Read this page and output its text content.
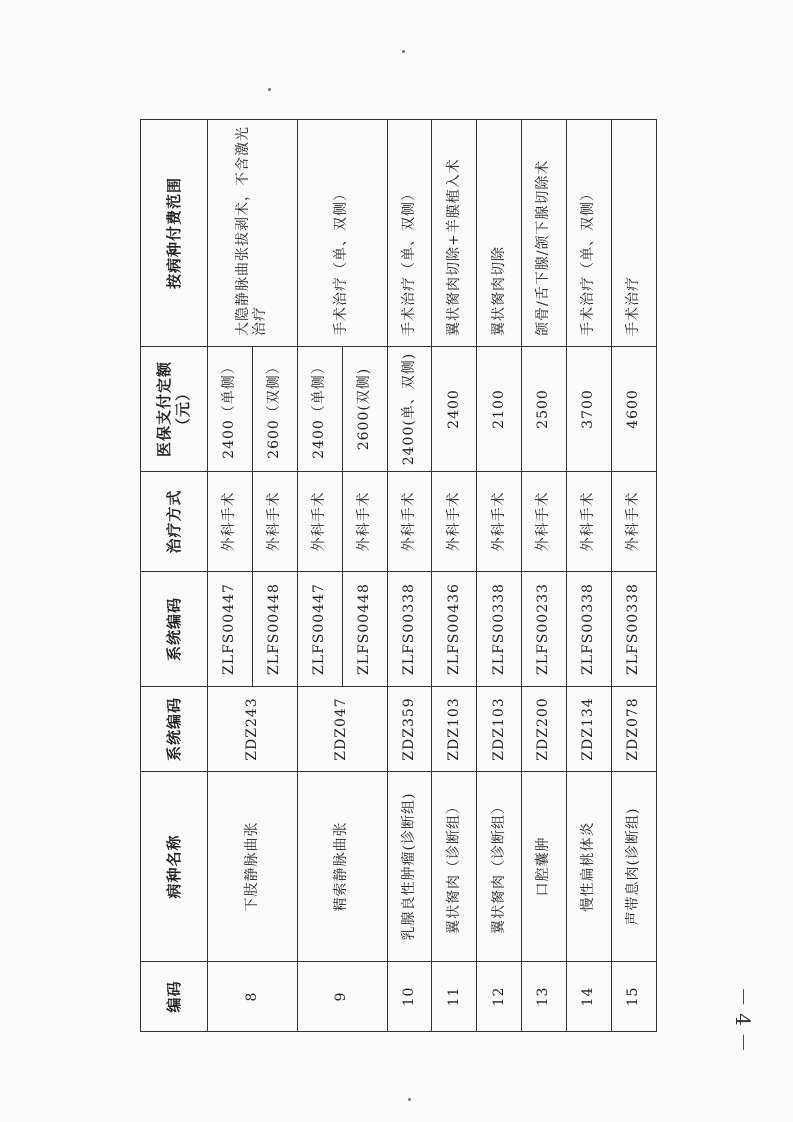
编码	病种名称	系统编码	系统编码	治疗方式	医保支付定额（元）	按病种付费范围
8	下肢静脉曲张	ZDZ243	ZLFS00447	外科手术	2400（单侧）	大隐静脉曲张拔剥术，不含激光治疗
			ZLFS00448	外科手术	2600（双侧）	
9	精索静脉曲张	ZDZ047	ZLFS00447	外科手术	2400（单侧）	手术治疗（单、双侧）
			ZLFS00448	外科手术	2600(双侧)	
10	乳腺良性肿瘤(诊断组)	ZDZ359	ZLFS00338	外科手术	2400(单、双侧)	手术治疗（单、双侧）
11	翼状胬肉（诊断组）	ZDZ103	ZLFS00436	外科手术	2400	翼状胬肉切除+羊膜植入术
12	翼状胬肉（诊断组）	ZDZ103	ZLFS00338	外科手术	2100	翼状胬肉切除
13	口腔囊肿	ZDZ200	ZLFS00233	外科手术	2500	颌骨/舌下腺/颌下腺切除术
14	慢性扁桃体炎	ZDZ134	ZLFS00338	外科手术	3700	手术治疗（单、双侧）
15	声带息肉(诊断组)	ZDZ078	ZLFS00338	外科手术	4600	手术治疗
－ 4 －
